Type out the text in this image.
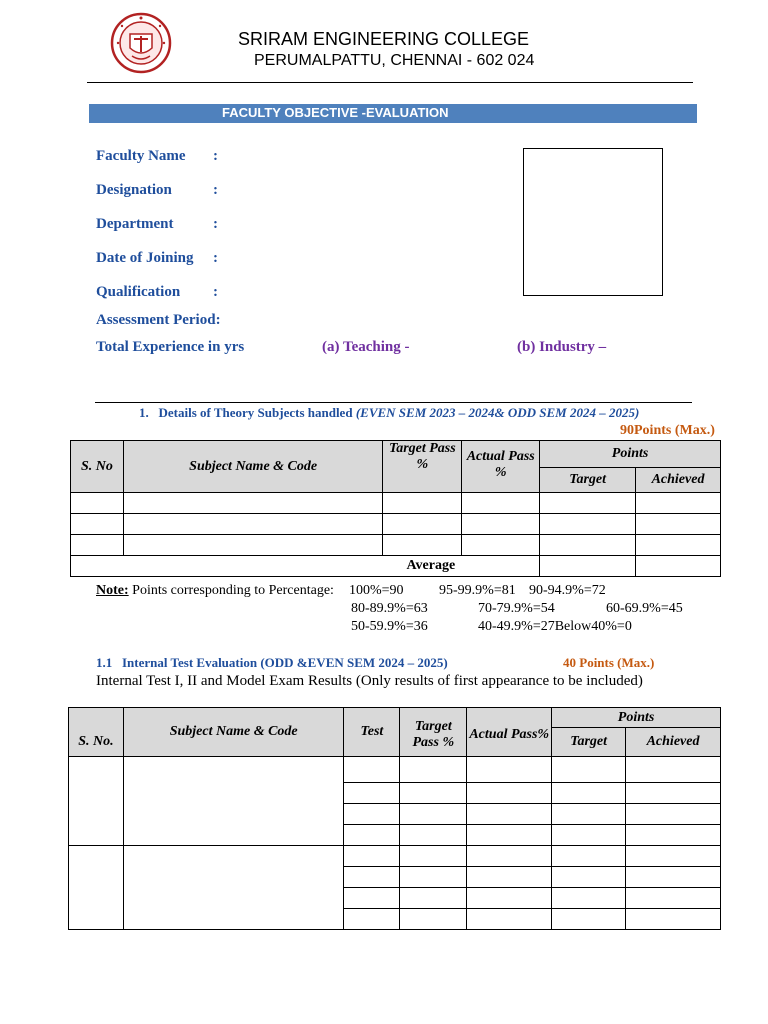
SRIRAM ENGINEERING COLLEGE
PERUMALPATTU, CHENNAI - 602 024
FACULTY OBJECTIVE -EVALUATION
Faculty Name :
Designation	:
Department	:
Date of Joining :
Qualification :
Assessment Period:
Total Experience in yrs	(a) Teaching -	(b) Industry –
1. Details of Theory Subjects handled (EVEN SEM 2023 – 2024& ODD SEM 2024 – 2025)
90Points (Max.)
S. No	Subject Name & Code	Target Pass %	Actual Pass %	Points	
				Target	Achieved

Average					
Note: Points corresponding to Percentage: 100%=90	95-99.9%=81 90-94.9%=72
80-89.9%=63	70-79.9%=54	60-69.9%=45
50-59.9%=36	40-49.9%=27Below40%=0
1.1 Internal Test Evaluation (ODD &EVEN SEM 2024 – 2025)	40 Points (Max.)
Internal Test I, II and Model Exam Results (Only results of first appearance to be included)
S. No.	Subject Name & Code	Test	Target Pass %	Actual Pass%	Points	
					Target	Achieved
